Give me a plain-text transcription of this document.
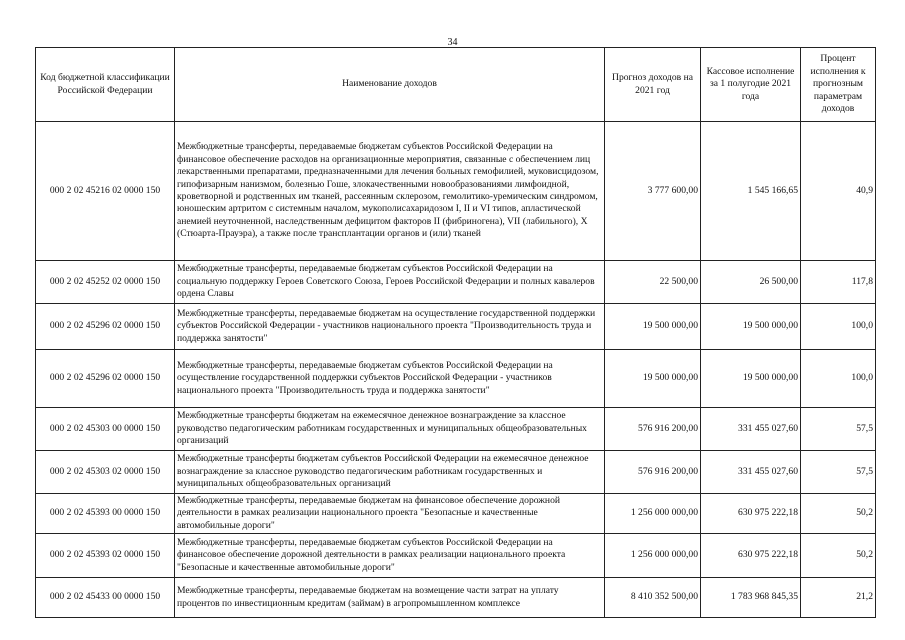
34
Код бюджетной классификации Российской Федерации	Наименование доходов	Прогноз доходов на 2021 год	Кассовое исполнение за 1 полугодие 2021 года	Процент исполнения к прогнозным параметрам доходов
000 2 02 45216 02 0000 150	Межбюджетные трансферты, передаваемые бюджетам субъектов Российской Федерации на финансовое обеспечение расходов на организационные мероприятия, связанные с обеспечением лиц лекарственными препаратами, предназначенными для лечения больных гемофилией, муковисцидозом, гипофизарным нанизмом, болезнью Гоше, злокачественными новообразованиями лимфоидной, кроветворной и родственных им тканей, рассеянным склерозом, гемолитико-уремическим синдромом, юношеским артритом с системным началом, мукополисахаридозом I, II и VI типов, апластической анемией неуточненной, наследственным дефицитом факторов II (фибриногена), VII (лабильного), X (Стюарта-Прауэра), а также после трансплантации органов и (или) тканей	3 777 600,00	1 545 166,65	40,9
000 2 02 45252 02 0000 150	Межбюджетные трансферты, передаваемые бюджетам субъектов Российской Федерации на социальную поддержку Героев Советского Союза, Героев Российской Федерации и полных кавалеров ордена Славы	22 500,00	26 500,00	117,8
000 2 02 45296 02 0000 150	Межбюджетные трансферты, передаваемые бюджетам на осуществление государственной поддержки субъектов Российской Федерации - участников национального проекта "Производительность труда и поддержка занятости"	19 500 000,00	19 500 000,00	100,0
000 2 02 45296 02 0000 150	Межбюджетные трансферты, передаваемые бюджетам субъектов Российской Федерации на осуществление государственной поддержки субъектов Российской Федерации - участников национального проекта "Производительность труда и поддержка занятости"	19 500 000,00	19 500 000,00	100,0
000 2 02 45303 00 0000 150	Межбюджетные трансферты бюджетам на ежемесячное денежное вознаграждение за классное руководство педагогическим работникам государственных и муниципальных общеобразовательных организаций	576 916 200,00	331 455 027,60	57,5
000 2 02 45303 02 0000 150	Межбюджетные трансферты бюджетам субъектов Российской Федерации на ежемесячное денежное вознаграждение за классное руководство педагогическим работникам государственных и муниципальных общеобразовательных организаций	576 916 200,00	331 455 027,60	57,5
000 2 02 45393 00 0000 150	Межбюджетные трансферты, передаваемые бюджетам на финансовое обеспечение дорожной деятельности в рамках реализации национального проекта "Безопасные и качественные автомобильные дороги"	1 256 000 000,00	630 975 222,18	50,2
000 2 02 45393 02 0000 150	Межбюджетные трансферты, передаваемые бюджетам субъектов Российской Федерации на финансовое обеспечение дорожной деятельности в рамках реализации национального проекта "Безопасные и качественные автомобильные дороги"	1 256 000 000,00	630 975 222,18	50,2
000 2 02 45433 00 0000 150	Межбюджетные трансферты, передаваемые бюджетам на возмещение части затрат на уплату процентов по инвестиционным кредитам (займам) в агропромышленном комплексе	8 410 352 500,00	1 783 968 845,35	21,2
